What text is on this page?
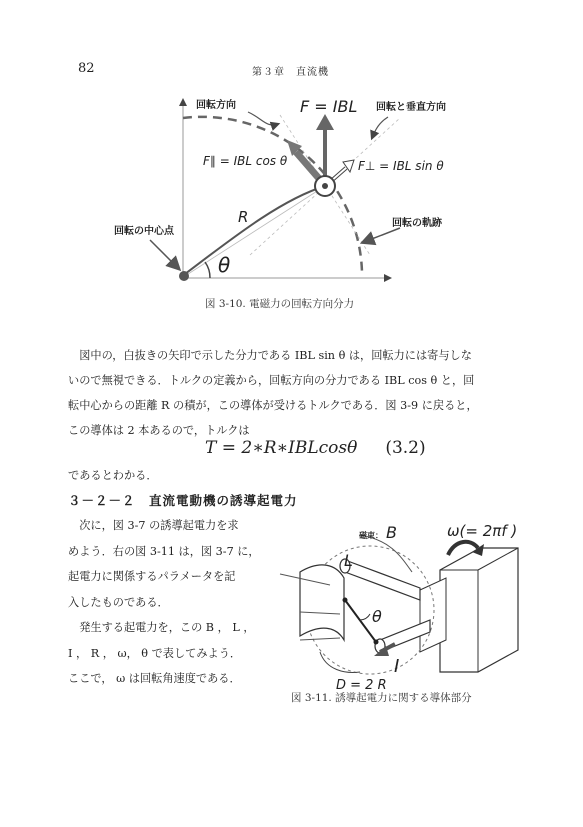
82	第３章　直流機
回転方向	回転と垂直方向
回転の中心点
回転の軌跡
F = IBL
F∥ = IBL cos θ	F⊥ = IBL sin θ
R
θ
図 3-10. 電磁力の回転方向分力

図中の，白抜きの矢印で示した分力である IBL sin θ は，回転力には寄与しな

いので無視できる．トルクの定義から，回転方向の分力である IBL cos θ と，回

転中心からの距離 R の積が，この導体が受けるトルクである．図 3-9 に戻ると，

この導体は 2 本あるので，トルクは

T = 2∗R∗IBLcosθ (3.2)
であるとわかる．
３－２－２　直流電動機の誘導起電力

次に，図 3-7 の誘導起電力を求

めよう．右の図 3-11 は，図 3-7 に，

起電力に関係するパラメータを記

入したものである．

発生する起電力を，この B ， L ，

I ， R ， ω， θ で表してみよう．

ここで， ω は回転角速度である．

磁束： B	ω(= 2πf )
L
θ
I
D = 2 R
図 3-11. 誘導起電力に関する導体部分
